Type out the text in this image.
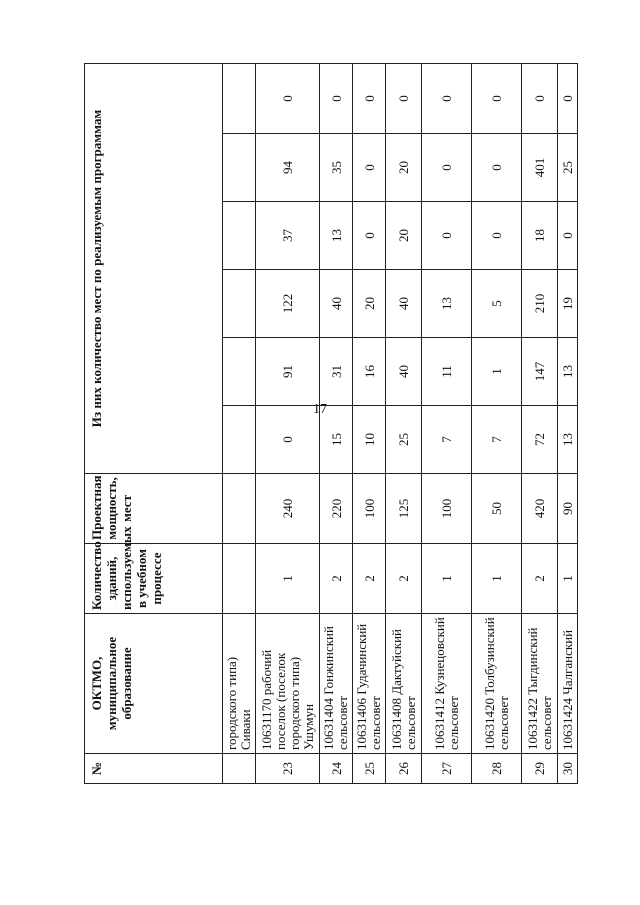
17
№	ОКТМО, муниципальное образование	Количество зданий, используемых в учебном процессе	Проектная мощность, мест	Из них количество мест по реализуемым программам					
	городского типа) Сиваки								
23	10631170 рабочий поселок (поселок городского типа) Ушумун	1	240	0	91	122	37	94	0
24	10631404 Гонжинский сельсовет	2	220	15	31	40	13	35	0
25	10631406 Гудачинский сельсовет	2	100	10	16	20	0	0	0
26	10631408 Дактуйский сельсовет	2	125	25	40	40	20	20	0
27	10631412 Кузнецовский сельсовет	1	100	7	11	13	0	0	0
28	10631420 Толбузинский сельсовет	1	50	7	1	5	0	0	0
29	10631422 Тыгдинский сельсовет	2	420	72	147	210	18	401	0
30	10631424 Чалганский	1	90	13	13	19	0	25	0
